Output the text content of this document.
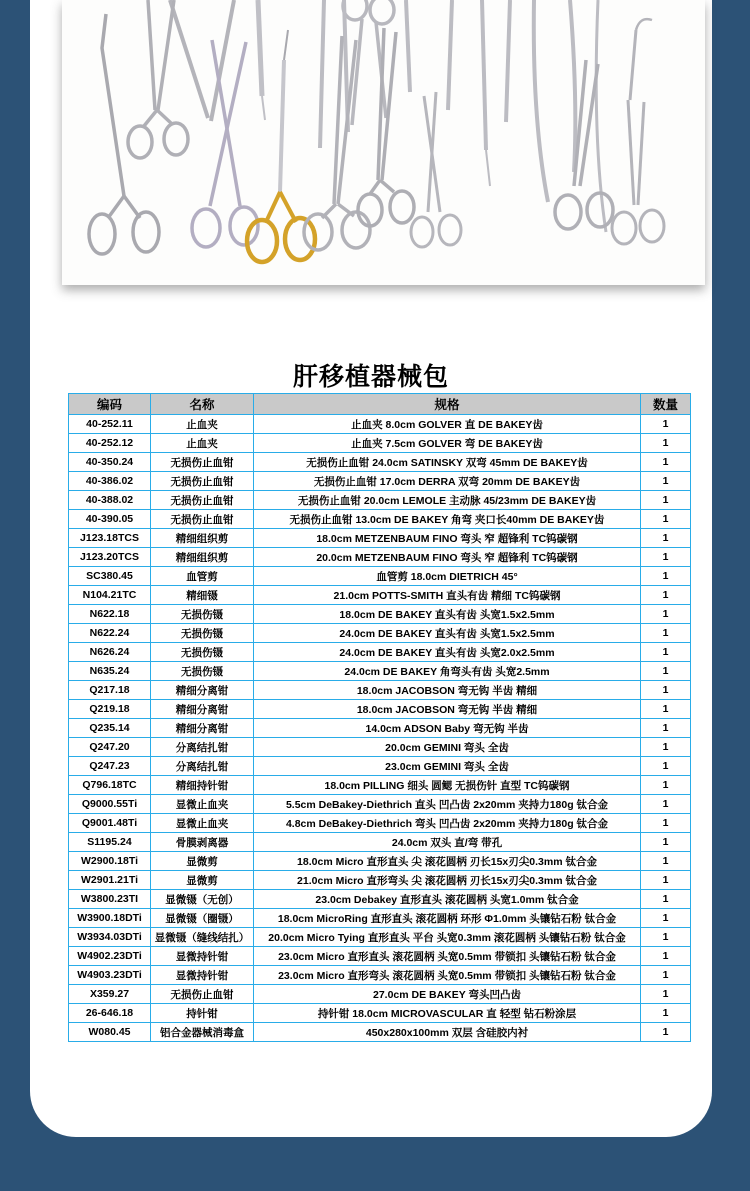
肝移植器械包
编码	名称	规格	数量
40-252.11	止血夹	止血夹 8.0cm GOLVER 直 DE BAKEY齿	1
40-252.12	止血夹	止血夹 7.5cm GOLVER 弯 DE BAKEY齿	1
40-350.24	无损伤止血钳	无损伤止血钳 24.0cm SATINSKY 双弯 45mm DE BAKEY齿	1
40-386.02	无损伤止血钳	无损伤止血钳 17.0cm DERRA 双弯 20mm DE BAKEY齿	1
40-388.02	无损伤止血钳	无损伤止血钳 20.0cm LEMOLE 主动脉 45/23mm DE BAKEY齿	1
40-390.05	无损伤止血钳	无损伤止血钳 13.0cm DE BAKEY 角弯 夹口长40mm DE BAKEY齿	1
J123.18TCS	精细组织剪	18.0cm METZENBAUM FINO 弯头 窄 超锋利 TC钨碳钢	1
J123.20TCS	精细组织剪	20.0cm METZENBAUM FINO 弯头 窄 超锋利 TC钨碳钢	1
SC380.45	血管剪	血管剪 18.0cm DIETRICH 45°	1
N104.21TC	精细镊	21.0cm POTTS-SMITH 直头有齿 精细 TC钨碳钢	1
N622.18	无损伤镊	18.0cm DE BAKEY 直头有齿 头宽1.5x2.5mm	1
N622.24	无损伤镊	24.0cm DE BAKEY 直头有齿 头宽1.5x2.5mm	1
N626.24	无损伤镊	24.0cm DE BAKEY 直头有齿 头宽2.0x2.5mm	1
N635.24	无损伤镊	24.0cm DE BAKEY 角弯头有齿 头宽2.5mm	1
Q217.18	精细分离钳	18.0cm JACOBSON 弯无钩 半齿 精细	1
Q219.18	精细分离钳	18.0cm JACOBSON 弯无钩 半齿 精细	1
Q235.14	精细分离钳	14.0cm ADSON Baby 弯无钩 半齿	1
Q247.20	分离结扎钳	20.0cm GEMINI 弯头 全齿	1
Q247.23	分离结扎钳	23.0cm GEMINI 弯头 全齿	1
Q796.18TC	精细持针钳	18.0cm PILLING 细头 圆鳃 无损伤针 直型 TC钨碳钢	1
Q9000.55Ti	显微止血夹	5.5cm DeBakey-Diethrich 直头 凹凸齿 2x20mm 夹持力180g 钛合金	1
Q9001.48Ti	显微止血夹	4.8cm DeBakey-Diethrich 弯头 凹凸齿 2x20mm 夹持力180g 钛合金	1
S1195.24	骨膜剥离器	24.0cm 双头 直/弯 带孔	1
W2900.18Ti	显微剪	18.0cm Micro 直形直头 尖 滚花圆柄 刃长15x刃尖0.3mm 钛合金	1
W2901.21Ti	显微剪	21.0cm Micro 直形弯头 尖 滚花圆柄 刃长15x刃尖0.3mm 钛合金	1
W3800.23TI	显微镊（无创）	23.0cm Debakey 直形直头 滚花圆柄 头宽1.0mm 钛合金	1
W3900.18DTi	显微镊（圈镊）	18.0cm MicroRing 直形直头 滚花圆柄 环形 Φ1.0mm 头镶钻石粉 钛合金	1
W3934.03DTi	显微镊（缝线结扎）	20.0cm Micro Tying 直形直头 平台 头宽0.3mm 滚花圆柄 头镶钻石粉 钛合金	1
W4902.23DTi	显微持针钳	23.0cm Micro 直形直头 滚花圆柄 头宽0.5mm 带锁扣 头镶钻石粉 钛合金	1
W4903.23DTi	显微持针钳	23.0cm Micro 直形弯头 滚花圆柄 头宽0.5mm 带锁扣 头镶钻石粉 钛合金	1
X359.27	无损伤止血钳	27.0cm DE BAKEY 弯头凹凸齿	1
26-646.18	持针钳	持针钳 18.0cm MICROVASCULAR 直 轻型 钻石粉涂层	1
W080.45	铝合金器械消毒盒	450x280x100mm 双层 含硅胶内衬	1
